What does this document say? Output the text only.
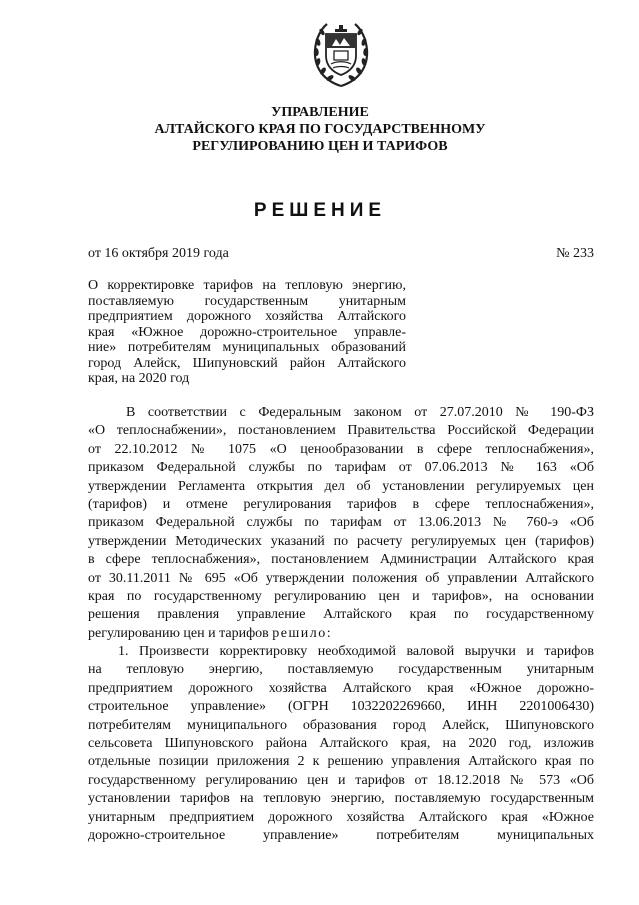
УПРАВЛЕНИЕ
АЛТАЙСКОГО КРАЯ ПО ГОСУДАРСТВЕННОМУ
РЕГУЛИРОВАНИЮ ЦЕН И ТАРИФОВ
РЕШЕНИЕ
от 16 октября 2019 года	№ 233
О корректировке тарифов на тепловую энергию,
поставляемую государственным унитарным
предприятием дорожного хозяйства Алтайского
края «Южное дорожно-строительное управле-
ние» потребителям муниципальных образований
город Алейск, Шипуновский район Алтайского
края, на 2020 год
В соответствии с Федеральным законом от 27.07.2010 № 190-ФЗ
«О теплоснабжении», постановлением Правительства Российской Федерации
от 22.10.2012 № 1075 «О ценообразовании в сфере теплоснабжения»,
приказом Федеральной службы по тарифам от 07.06.2013 № 163 «Об
утверждении Регламента открытия дел об установлении регулируемых цен
(тарифов) и отмене регулирования тарифов в сфере теплоснабжения»,
приказом Федеральной службы по тарифам от 13.06.2013 № 760-э «Об
утверждении Методических указаний по расчету регулируемых цен (тарифов)
в сфере теплоснабжения», постановлением Администрации Алтайского края
от 30.11.2011 № 695 «Об утверждении положения об управлении Алтайского
края по государственному регулированию цен и тарифов», на основании
решения правления управление Алтайского края по государственному
регулированию цен и тарифов решило:
1. Произвести корректировку необходимой валовой выручки и тарифов
на тепловую энергию, поставляемую государственным унитарным
предприятием дорожного хозяйства Алтайского края «Южное дорожно-
строительное управление» (ОГРН 1032202269660, ИНН 2201006430)
потребителям муниципального образования город Алейск, Шипуновского
сельсовета Шипуновского района Алтайского края, на 2020 год, изложив
отдельные позиции приложения 2 к решению управления Алтайского края по
государственному регулированию цен и тарифов от 18.12.2018 № 573 «Об
установлении тарифов на тепловую энергию, поставляемую государственным
унитарным предприятием дорожного хозяйства Алтайского края «Южное
дорожно-строительное управление» потребителям муниципальных
